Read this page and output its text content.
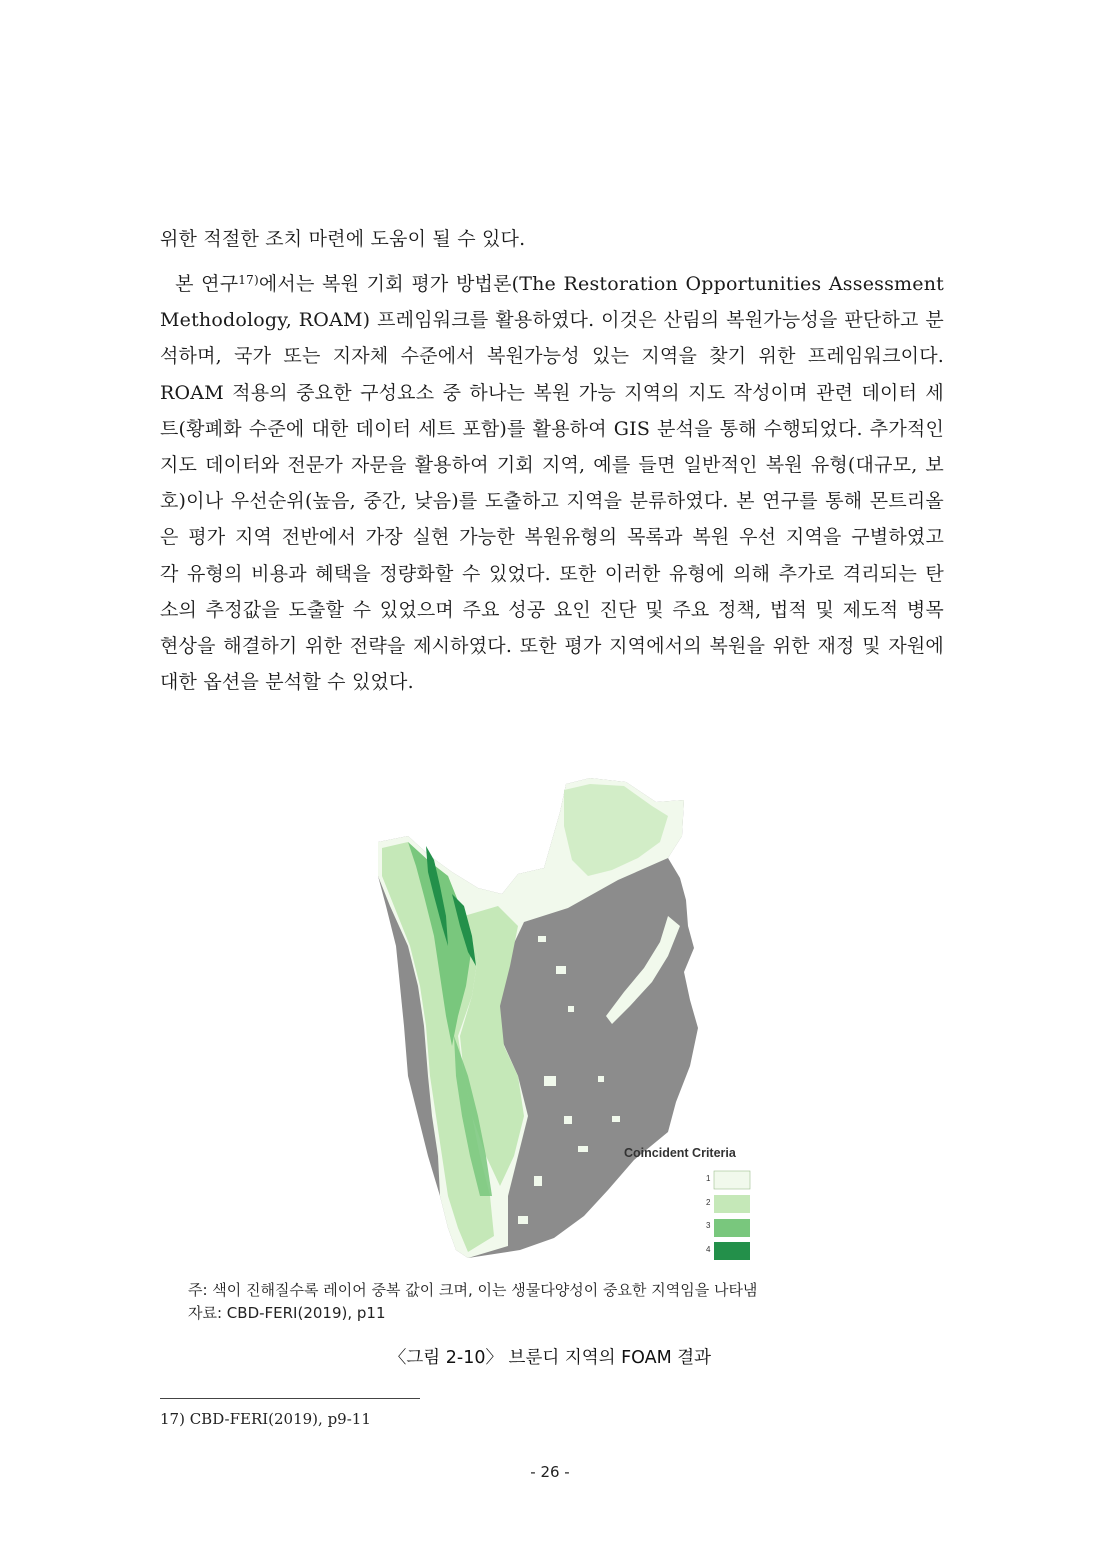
위한 적절한 조치 마련에 도움이 될 수 있다.

본 연구$^{17)}$에서는 복원 기회 평가 방법론(The Restoration Opportunities Assessment
Methodology, ROAM) 프레임워크를 활용하였다. 이것은 산림의 복원가능성을 판단하고 분
석하며, 국가 또는 지자체 수준에서 복원가능성 있는 지역을 찾기 위한 프레임워크이다.
ROAM 적용의 중요한 구성요소 중 하나는 복원 가능 지역의 지도 작성이며 관련 데이터 세
트(황폐화 수준에 대한 데이터 세트 포함)를 활용하여 GIS 분석을 통해 수행되었다. 추가적인
지도 데이터와 전문가 자문을 활용하여 기회 지역, 예를 들면 일반적인 복원 유형(대규모, 보
호)이나 우선순위(높음, 중간, 낮음)를 도출하고 지역을 분류하였다. 본 연구를 통해 몬트리올
은 평가 지역 전반에서 가장 실현 가능한 복원유형의 목록과 복원 우선 지역을 구별하였고
각 유형의 비용과 혜택을 정량화할 수 있었다. 또한 이러한 유형에 의해 추가로 격리되는 탄
소의 추정값을 도출할 수 있었으며 주요 성공 요인 진단 및 주요 정책, 법적 및 제도적 병목
현상을 해결하기 위한 전략을 제시하였다. 또한 평가 지역에서의 복원을 위한 재정 및 자원에
대한 옵션을 분석할 수 있었다.
Coincident Criteria
1
2
3
4

주: 색이 진해질수록 레이어 중복 값이 크며, 이는 생물다양성이 중요한 지역임을 나타냄

자료: CBD-FERI(2019), p11

〈그림 2-10〉 브룬디 지역의 FOAM 결과
17) CBD-FERI(2019), p9-11
- 26 -
